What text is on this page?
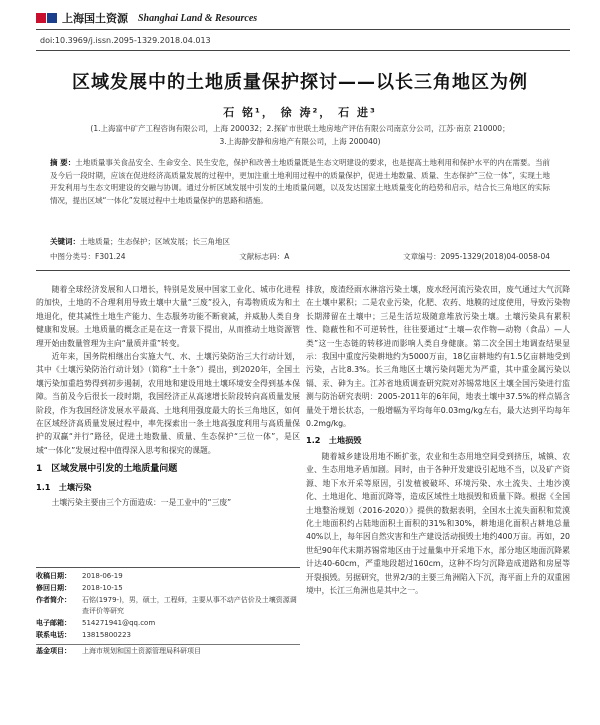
上海国土资源 Shanghai Land & Resources
doi:10.3969/j.issn.2095-1329.2018.04.013
区域发展中的土地质量保护探讨——以长三角地区为例
石 铭¹， 徐 涛²， 石 进³
(1.上海富中矿产工程咨询有限公司，上海 200032；2.探矿市世联土地房地产评估有限公司南京分公司，江苏·南京 210000；
3.上海静安静和房地产有限公司，上海 200040)
摘 要：土地质量事关食品安全、生命安全、民生安危，保护和改善土地质量既是生态文明建设的要求，也是提高土地利用和保护水平的内在需要。当前及今后一段时期，应该在促进经济高质量发展的过程中，更加注重土地利用过程中的质量保护，促进土地数量、质量、生态保护“三位一体”，实现土地开发利用与生态文明建设的交融与协调。通过分析区域发展中引发的土地质量问题，以及发达国家土地质量变化的趋势和启示，结合长三角地区的实际情况，提出区域“一体化”发展过程中土地质量保护的思路和措施。
关键词：土地质量；生态保护；区域发展；长三角地区
中图分类号：F301.24	文献标志码：A	文章编号：2095-1329(2018)04-0058-04

随着全球经济发展和人口增长，特别是发展中国家工业化、城市化进程的加快，土地的不合理利用导致土壤中大量“三废”投入，有毒物质成为和土地退化，使其减性土地生产能力、生态服务功能不断衰减，并威胁人类自身健康和发展。土地质量的概念正是在这一背景下提出，从而推动土地资源管理开始由数量管理为主向“量质并重”转变。

近年来，国务院相继出台实施大气、水、土壤污染防治三大行动计划，其中《土壤污染防治行动计划》（简称“土十条”）提出，到2020年，全国土壤污染加重趋势得到初步遏制，农用地和建设用地土壤环境安全得到基本保障。当前及今后很长一段时期，我国经济正从高速增长阶段转向高质量发展阶段，作为我国经济发展水平最高、土地利用强度最大的长三角地区，如何在区域经济高质量发展过程中，率先探索出一条土地高强度利用与高质量保护的双赢“并行”路径，促进土地数量、质量、生态保护“三位一体”，是区域“一体化”发展过程中值得深入思考和探究的课题。

1　区域发展中引发的土地质量问题
1.1　土壤污染

土壤污染主要由三个方面造成：一是工业中的“三废”

收稿日期：	2018-06-19
修回日期：	2018-10-15
作者简介：	石铭(1979-)，男，硕士，工程师，主要从事不动产估价及土壤资源调查评价等研究
电子邮箱：	514271941@qq.com
联系电话：	13815800223
基金项目：	上海市规划和国土资源管理局科研项目

排放，废渣经雨水淋溶污染土壤，废水经河流污染农田，废气通过大气沉降在土壤中累积；二是农业污染，化肥、农药、地膜的过度使用，导致污染物长期滞留在土壤中；三是生活垃圾随意堆放污染土壤。土壤污染具有累积性、隐蔽性和不可逆转性，往往要通过“土壤—农作物—动物（食品）—人类”这一生态链的转移进而影响人类自身健康。第二次全国土地调查结果显示：我国中重度污染耕地约为5000万亩，18亿亩耕地约有1.5亿亩耕地受到污染，占比8.3%。长三角地区土壤污染问题尤为严重，其中重金属污染以镉、汞、砷为主。江苏省地质调查研究院对苏锡常地区土壤全国污染进行监测与防治研究表明：2005-2011年的6年间，地表土壤中37.5%的样点镉含量处于增长状态，一般增幅为平均每年0.03mg/kg左右，最大达到平均每年0.2mg/kg。

1.2　土地损毁

随着城乡建设用地不断扩张，农业和生态用地空间受到挤压，城镇、农业、生态用地矛盾加剧。同时，由于各种开发建设引起地不当，以及矿产资源、地下水开采等原因，引发植被破坏、环境污染、水土流失、土地沙漠化、土地退化、地面沉降等，造成区域性土地损毁和质量下降。根据《全国土地整治规划（2016-2020）》提供的数据表明，全国水土流失面积和荒漠化土地面积约占陆地面积土面积的31%和30%，耕地退化面积占耕地总量40%以上，每年因自然灾害和生产建设活动损毁土地约400万亩。再如，20世纪90年代末期苏锡常地区由于过量集中开采地下水，部分地区地面沉降累计达40-60cm，严重地段超过160cm，这种不均匀沉降造成道路和房屋等开裂损毁。另据研究，世界2/3的主要三角洲陷入下沉，海平面上升的双重困境中，长江三角洲也是其中之一。
